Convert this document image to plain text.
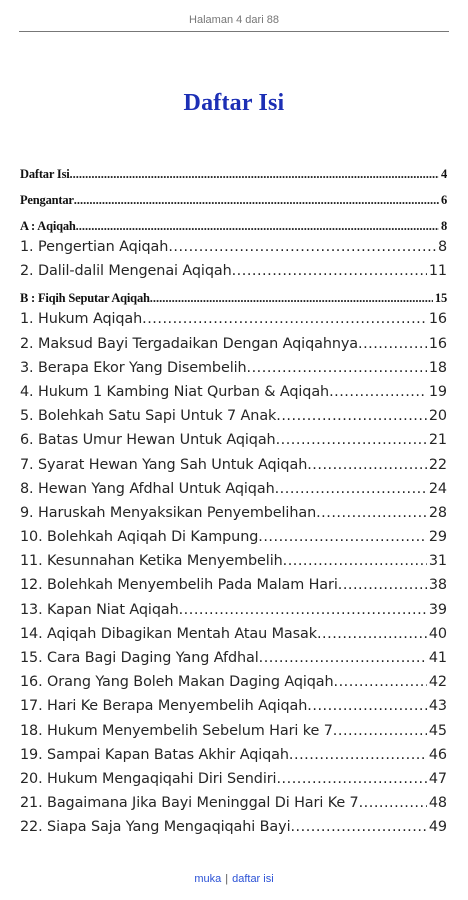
Halaman 4 dari 88
Daftar Isi
Daftar Isi .....	4
Pengantar .....	6
A : Aqiqah .....	8
1. Pengertian Aqiqah .....	8
2. Dalil-dalil Mengenai Aqiqah .....	11
B : Fiqih Seputar Aqiqah .....	15
1. Hukum Aqiqah .....	16
2. Maksud Bayi Tergadaikan Dengan Aqiqahnya .....	16
3. Berapa Ekor Yang Disembelih .....	18
4. Hukum 1 Kambing Niat Qurban & Aqiqah .....	19
5. Bolehkah Satu Sapi Untuk 7 Anak .....	20
6. Batas Umur Hewan Untuk Aqiqah .....	21
7. Syarat Hewan Yang Sah Untuk Aqiqah .....	22
8. Hewan Yang Afdhal Untuk Aqiqah .....	24
9. Haruskah Menyaksikan Penyembelihan .....	28
10. Bolehkah Aqiqah Di Kampung .....	29
11. Kesunnahan Ketika Menyembelih .....	31
12. Bolehkah Menyembelih Pada Malam Hari .....	38
13. Kapan Niat Aqiqah .....	39
14. Aqiqah Dibagikan Mentah Atau Masak .....	40
15. Cara Bagi Daging Yang Afdhal .....	41
16. Orang Yang Boleh Makan Daging Aqiqah .....	42
17. Hari Ke Berapa Menyembelih Aqiqah .....	43
18. Hukum Menyembelih Sebelum Hari ke 7 .....	45
19. Sampai Kapan Batas Akhir Aqiqah .....	46
20. Hukum Mengaqiqahi Diri Sendiri .....	47
21. Bagaimana Jika Bayi Meninggal Di Hari Ke 7 .....	48
22. Siapa Saja Yang Mengaqiqahi Bayi .....	49
muka | daftar isi
